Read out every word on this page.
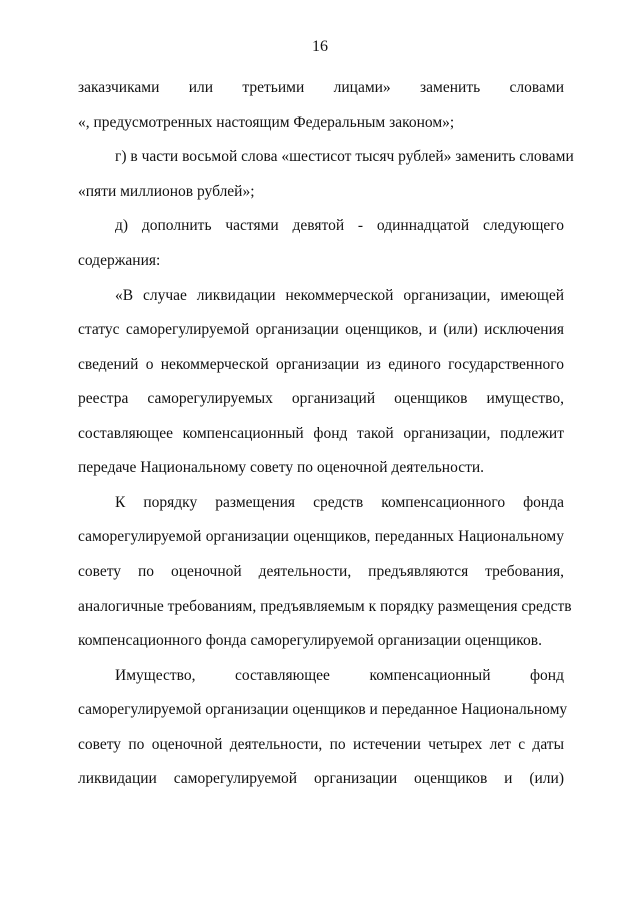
16
заказчиками или третьими лицами» заменить словами
«, предусмотренных настоящим Федеральным законом»;
г) в части восьмой слова «шестисот тысяч рублей» заменить словами
«пяти миллионов рублей»;
д) дополнить частями девятой - одиннадцатой следующего
содержания:
«В случае ликвидации некоммерческой организации, имеющей
статус саморегулируемой организации оценщиков, и (или) исключения
сведений о некоммерческой организации из единого государственного
реестра саморегулируемых организаций оценщиков имущество,
составляющее компенсационный фонд такой организации, подлежит
передаче Национальному совету по оценочной деятельности.
К порядку размещения средств компенсационного фонда
саморегулируемой организации оценщиков, переданных Национальному
совету по оценочной деятельности, предъявляются требования,
аналогичные требованиям, предъявляемым к порядку размещения средств
компенсационного фонда саморегулируемой организации оценщиков.
Имущество, составляющее компенсационный фонд
саморегулируемой организации оценщиков и переданное Национальному
совету по оценочной деятельности, по истечении четырех лет с даты
ликвидации саморегулируемой организации оценщиков и (или)
